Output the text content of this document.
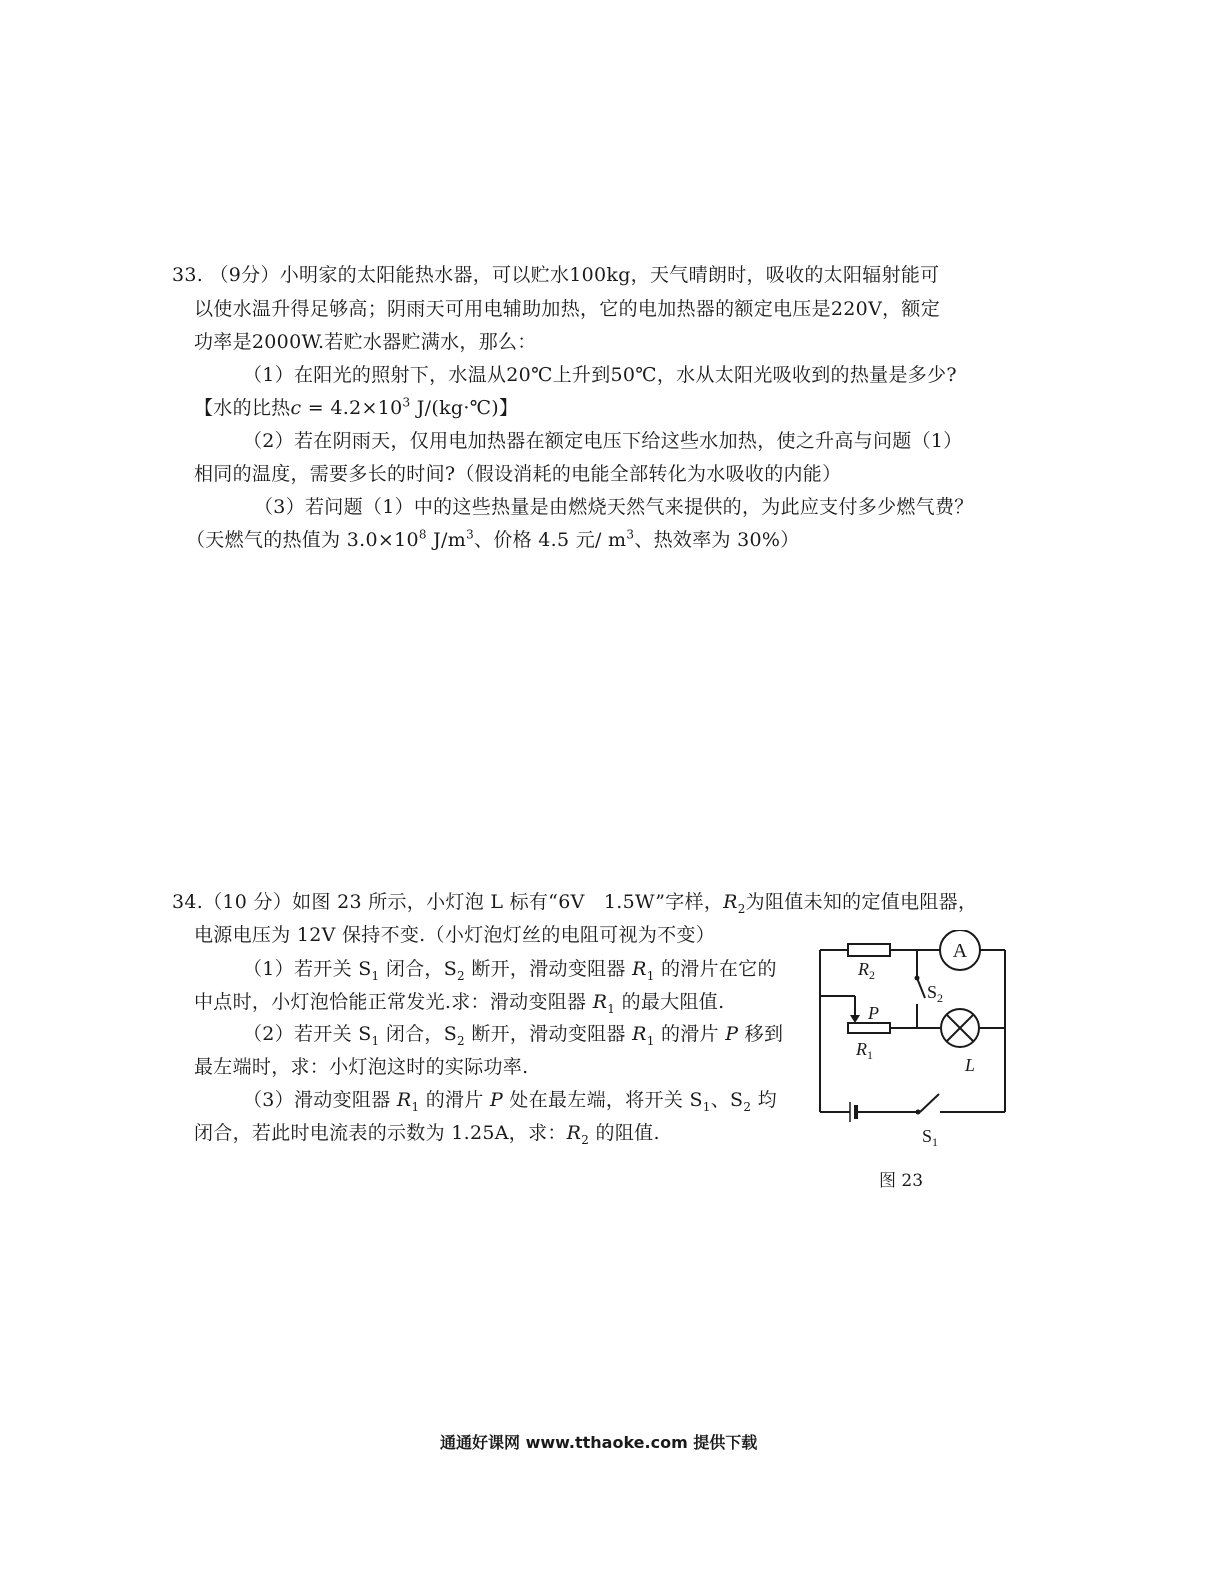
33. （9分）小明家的太阳能热水器，可以贮水100kg，天气晴朗时，吸收的太阳辐射能可
以使水温升得足够高；阴雨天可用电辅助加热，它的电加热器的额定电压是220V，额定
功率是2000W.若贮水器贮满水，那么：
（1）在阳光的照射下，水温从20℃上升到50℃，水从太阳光吸收到的热量是多少?
【水的比热$c = 4.2\times 10^3$ J/(kg·℃)】
（2）若在阴雨天，仅用电加热器在额定电压下给这些水加热，使之升高与问题（1）
相同的温度，需要多长的时间?（假设消耗的电能全部转化为水吸收的内能）
（3）若问题（1）中的这些热量是由燃烧天然气来提供的，为此应支付多少燃气费？
（天燃气的热值为 $3.0\times 10^8$ $J/m^3$、价格 4.5 元/ $m^3$、热效率为 30%）
34.（10 分）如图 23 所示，小灯泡 L 标有“6V　1.5W”字样，$R_2$为阻值未知的定值电阻器，
电源电压为 12V 保持不变.（小灯泡灯丝的电阻可视为不变）
（1）若开关 $S_1$ 闭合，$S_2$ 断开，滑动变阻器 $R_1$ 的滑片在它的
中点时，小灯泡恰能正常发光.求：滑动变阻器 $R_1$ 的最大阻值.
（2）若开关 $S_1$ 闭合，$S_2$ 断开，滑动变阻器 $R_1$ 的滑片 P 移到
最左端时，求：小灯泡这时的实际功率.
（3）滑动变阻器 $R_1$ 的滑片 P 处在最左端，将开关 $S_1$、$S_2$ 均
闭合，若此时电流表的示数为 1.25A，求：$R_2$ 的阻值.
A
$R_2$
$S_2$
P
$R_1$	L
$S_1$
图 23
通通好课网 www.tthaoke.com 提供下载
